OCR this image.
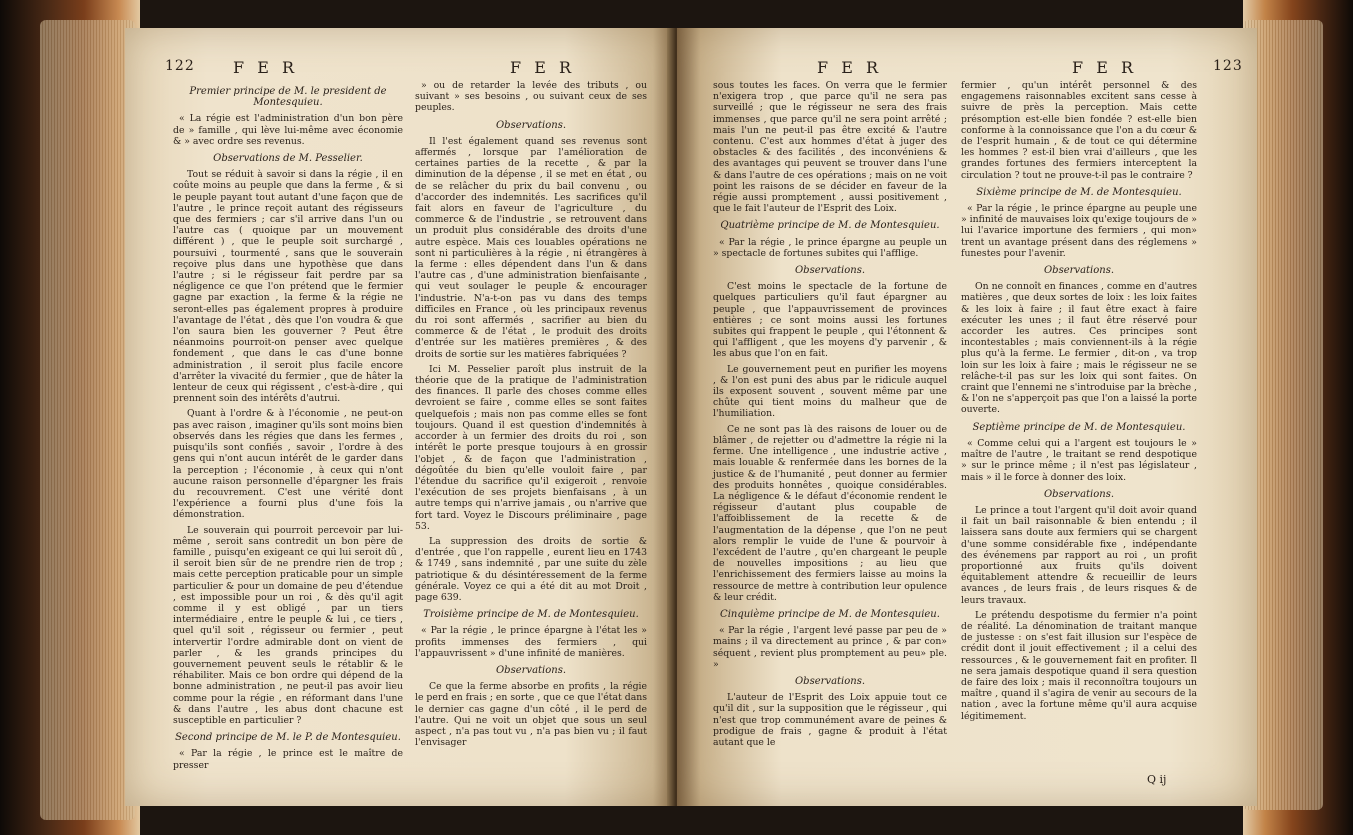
122 F E R	F E R
Premier principe de M. le president de Montesquieu.

« La régie est l'administration d'un bon père de » famille , qui lève lui-même avec économie & » avec ordre ses revenus.

Observations de M. Pesselier.

Tout se réduit à savoir si dans la régie , il en coûte moins au peuple que dans la ferme , & si le peuple payant tout autant d'une façon que de l'autre , le prince reçoit autant des régisseurs que des fermiers ; car s'il arrive dans l'un ou l'autre cas ( quoique par un mouvement différent ) , que le peuple soit surchargé , poursuivi , tourmenté , sans que le souverain reçoive plus dans une hypothèse que dans l'autre ; si le régisseur fait perdre par sa négligence ce que l'on prétend que le fermier gagne par exaction , la ferme & la régie ne seront-elles pas également propres à produire l'avantage de l'état , dès que l'on voudra & que l'on saura bien les gouverner ? Peut être néanmoins pourroit-on penser avec quelque fondement , que dans le cas d'une bonne administration , il seroit plus facile encore d'arrêter la vivacité du fermier , que de hâter la lenteur de ceux qui régissent , c'est-à-dire , qui prennent soin des intérêts d'autrui.

Quant à l'ordre & à l'économie , ne peut-on pas avec raison , imaginer qu'ils sont moins bien observés dans les régies que dans les fermes , puisqu'ils sont confiés , savoir , l'ordre à des gens qui n'ont aucun intérêt de le garder dans la perception ; l'économie , à ceux qui n'ont aucune raison personnelle d'épargner les frais du recouvrement. C'est une vérité dont l'expérience a fourni plus d'une fois la démonstration.

Le souverain qui pourroit percevoir par lui-même , seroit sans contredit un bon père de famille , puisqu'en exigeant ce qui lui seroit dû , il seroit bien sûr de ne prendre rien de trop ; mais cette perception praticable pour un simple particulier & pour un domaine de peu d'étendue , est impossible pour un roi , & dès qu'il agit comme il y est obligé , par un tiers intermédiaire , entre le peuple & lui , ce tiers , quel qu'il soit , régisseur ou fermier , peut intervertir l'ordre admirable dont on vient de parler , & les grands principes du gouvernement peuvent seuls le rétablir & le réhabiliter. Mais ce bon ordre qui dépend de la bonne administration , ne peut-il pas avoir lieu comme pour la régie , en réformant dans l'une & dans l'autre , les abus dont chacune est susceptible en particulier ?

Second principe de M. le P. de Montesquieu.

« Par la régie , le prince est le maître de presser

» ou de retarder la levée des tributs , ou suivant » ses besoins , ou suivant ceux de ses peuples.

Observations.

Il l'est également quand ses revenus sont affermés , lorsque par l'amélioration de certaines parties de la recette , & par la diminution de la dépense , il se met en état , ou de se relâcher du prix du bail convenu , ou d'accorder des indemnités. Les sacrifices qu'il fait alors en faveur de l'agriculture , du commerce & de l'industrie , se retrouvent dans un produit plus considérable des droits d'une autre espèce. Mais ces louables opérations ne sont ni particulières à la régie , ni étrangères à la ferme : elles dépendent dans l'un & dans l'autre cas , d'une administration bienfaisante , qui veut soulager le peuple & encourager l'industrie. N'a-t-on pas vu dans des temps difficiles en France , où les principaux revenus du roi sont affermés , sacrifier au bien du commerce & de l'état , le produit des droits d'entrée sur les matières premières , & des droits de sortie sur les matières fabriquées ?

Ici M. Pesselier paroît plus instruit de la théorie que de la pratique de l'administration des finances. Il parle des choses comme elles devroient se faire , comme elles se sont faites quelquefois ; mais non pas comme elles se font toujours. Quand il est question d'indemnités à accorder à un fermier des droits du roi , son intérêt le porte presque toujours à en grossir l'objet , & de façon que l'administration , dégoûtée du bien qu'elle vouloit faire , par l'étendue du sacrifice qu'il exigeroit , renvoie l'exécution de ses projets bienfaisans , à un autre temps qui n'arrive jamais , ou n'arrive que fort tard. Voyez le Discours préliminaire , page 53.

La suppression des droits de sortie & d'entrée , que l'on rappelle , eurent lieu en 1743 & 1749 , sans indemnité , par une suite du zèle patriotique & du désintéressement de la ferme générale. Voyez ce qui a été dit au mot Droit , page 639.

Troisième principe de M. de Montesquieu.

« Par la régie , le prince épargne à l'état les » profits immenses des fermiers , qui l'appauvrissent » d'une infinité de manières.

Observations.

Ce que la ferme absorbe en profits , la régie le perd en frais ; en sorte , que ce que l'état dans le dernier cas gagne d'un côté , il le perd de l'autre. Qui ne voit un objet que sous un seul aspect , n'a pas tout vu , n'a pas bien vu ; il faut l'envisager

F E R	F E R	123

sous toutes les faces. On verra que le fermier n'exigera trop , que parce qu'il ne sera pas surveillé ; que le régisseur ne sera des frais immenses , que parce qu'il ne sera point arrêté ; mais l'un ne peut-il pas être excité & l'autre contenu. C'est aux hommes d'état à juger des obstacles & des facilités , des inconvéniens & des avantages qui peuvent se trouver dans l'une & dans l'autre de ces opérations ; mais on ne voit point les raisons de se décider en faveur de la régie aussi promptement , aussi positivement , que le fait l'auteur de l'Esprit des Loix.

Quatrième principe de M. de Montesquieu.

« Par la régie , le prince épargne au peuple un » spectacle de fortunes subites qui l'afflige.

Observations.

C'est moins le spectacle de la fortune de quelques particuliers qu'il faut épargner au peuple , que l'appauvrissement de provinces entières ; ce sont moins aussi les fortunes subites qui frappent le peuple , qui l'étonnent & qui l'affligent , que les moyens d'y parvenir , & les abus que l'on en fait.

Le gouvernement peut en purifier les moyens , & l'on est puni des abus par le ridicule auquel ils exposent souvent , souvent même par une chûte qui tient moins du malheur que de l'humiliation.

Ce ne sont pas là des raisons de louer ou de blâmer , de rejetter ou d'admettre la régie ni la ferme. Une intelligence , une industrie active , mais louable & renfermée dans les bornes de la justice & de l'humanité , peut donner au fermier des produits honnêtes , quoique considérables. La négligence & le défaut d'économie rendent le régisseur d'autant plus coupable de l'affoiblissement de la recette & de l'augmentation de la dépense , que l'on ne peut alors remplir le vuide de l'une & pourvoir à l'excédent de l'autre , qu'en chargeant le peuple de nouvelles impositions ; au lieu que l'enrichissement des fermiers laisse au moins la ressource de mettre à contribution leur opulence & leur crédit.

Cinquième principe de M. de Montesquieu.

« Par la régie , l'argent levé passe par peu de » mains ; il va directement au prince , & par con» séquent , revient plus promptement au peu» ple. »

Observations.

L'auteur de l'Esprit des Loix appuie tout ce qu'il dit , sur la supposition que le régisseur , qui n'est que trop communément avare de peines & prodigue de frais , gagne & produit à l'état autant que le

fermier , qu'un intérêt personnel & des engagemens raisonnables excitent sans cesse à suivre de près la perception. Mais cette présomption est-elle bien fondée ? est-elle bien conforme à la connoissance que l'on a du cœur & de l'esprit humain , & de tout ce qui détermine les hommes ? est-il bien vrai d'ailleurs , que les grandes fortunes des fermiers interceptent la circulation ? tout ne prouve-t-il pas le contraire ?

Sixième principe de M. de Montesquieu.

« Par la régie , le prince épargne au peuple une » infinité de mauvaises loix qu'exige toujours de » lui l'avarice importune des fermiers , qui mon» trent un avantage présent dans des réglemens » funestes pour l'avenir.

Observations.

On ne connoît en finances , comme en d'autres matières , que deux sortes de loix : les loix faites & les loix à faire ; il faut être exact à faire exécuter les unes ; il faut être réservé pour accorder les autres. Ces principes sont incontestables ; mais conviennent-ils à la régie plus qu'à la ferme. Le fermier , dit-on , va trop loin sur les loix à faire ; mais le régisseur ne se relâche-t-il pas sur les loix qui sont faites. On craint que l'ennemi ne s'introduise par la brèche , & l'on ne s'apperçoit pas que l'on a laissé la porte ouverte.

Septième principe de M. de Montesquieu.

« Comme celui qui a l'argent est toujours le » maître de l'autre , le traitant se rend despotique » sur le prince même ; il n'est pas législateur , mais » il le force à donner des loix.

Observations.

Le prince a tout l'argent qu'il doit avoir quand il fait un bail raisonnable & bien entendu ; il laissera sans doute aux fermiers qui se chargent d'une somme considérable fixe , indépendante des événemens par rapport au roi , un profit proportionné aux fruits qu'ils doivent équitablement attendre & recueillir de leurs avances , de leurs frais , de leurs risques & de leurs travaux.

Le prétendu despotisme du fermier n'a point de réalité. La dénomination de traitant manque de justesse : on s'est fait illusion sur l'espèce de crédit dont il jouit effectivement ; il a celui des ressources , & le gouvernement fait en profiter. Il ne sera jamais despotique quand il sera question de faire des loix ; mais il reconnoîtra toujours un maître , quand il s'agira de venir au secours de la nation , avec la fortune même qu'il aura acquise légitimement.

Q ij
